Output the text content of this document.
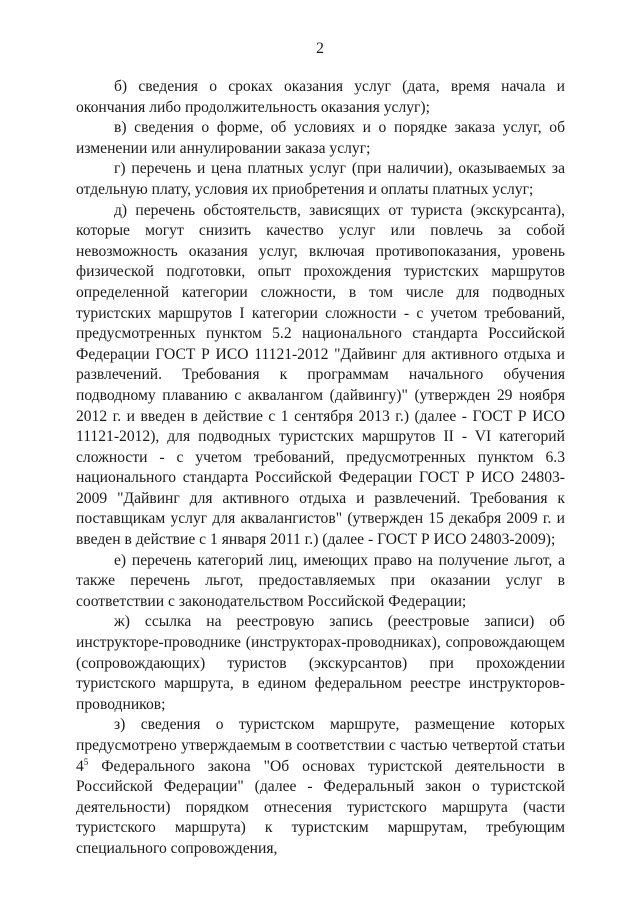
2

б) сведения о сроках оказания услуг (дата, время начала и окончания либо продолжительность оказания услуг);

в) сведения о форме, об условиях и о порядке заказа услуг, об изменении или аннулировании заказа услуг;

г) перечень и цена платных услуг (при наличии), оказываемых за отдельную плату, условия их приобретения и оплаты платных услуг;

д) перечень обстоятельств, зависящих от туриста (экскурсанта), которые могут снизить качество услуг или повлечь за собой невозможность оказания услуг, включая противопоказания, уровень физической подготовки, опыт прохождения туристских маршрутов определенной категории сложности, в том числе для подводных туристских маршрутов I категории сложности - с учетом требований, предусмотренных пунктом 5.2 национального стандарта Российской Федерации ГОСТ Р ИСО 11121-2012 "Дайвинг для активного отдыха и развлечений. Требования к программам начального обучения подводному плаванию с аквалангом (дайвингу)" (утвержден 29 ноября 2012 г. и введен в действие с 1 сентября 2013 г.) (далее - ГОСТ Р ИСО 11121-2012), для подводных туристских маршрутов II - VI категорий сложности - с учетом требований, предусмотренных пунктом 6.3 национального стандарта Российской Федерации ГОСТ Р ИСО 24803-2009 "Дайвинг для активного отдыха и развлечений. Требования к поставщикам услуг для аквалангистов" (утвержден 15 декабря 2009 г. и введен в действие с 1 января 2011 г.) (далее - ГОСТ Р ИСО 24803-2009);

е) перечень категорий лиц, имеющих право на получение льгот, а также перечень льгот, предоставляемых при оказании услуг в соответствии с законодательством Российской Федерации;

ж) ссылка на реестровую запись (реестровые записи) об инструкторе-проводнике (инструкторах-проводниках), сопровождающем (сопровождающих) туристов (экскурсантов) при прохождении туристского маршрута, в едином федеральном реестре инструкторов-проводников;

з) сведения о туристском маршруте, размещение которых предусмотрено утверждаемым в соответствии с частью четвертой статьи $4^5$ Федерального закона "Об основах туристской деятельности в Российской Федерации" (далее - Федеральный закон о туристской деятельности) порядком отнесения туристского маршрута (части туристского маршрута) к туристским маршрутам, требующим специального сопровождения,
